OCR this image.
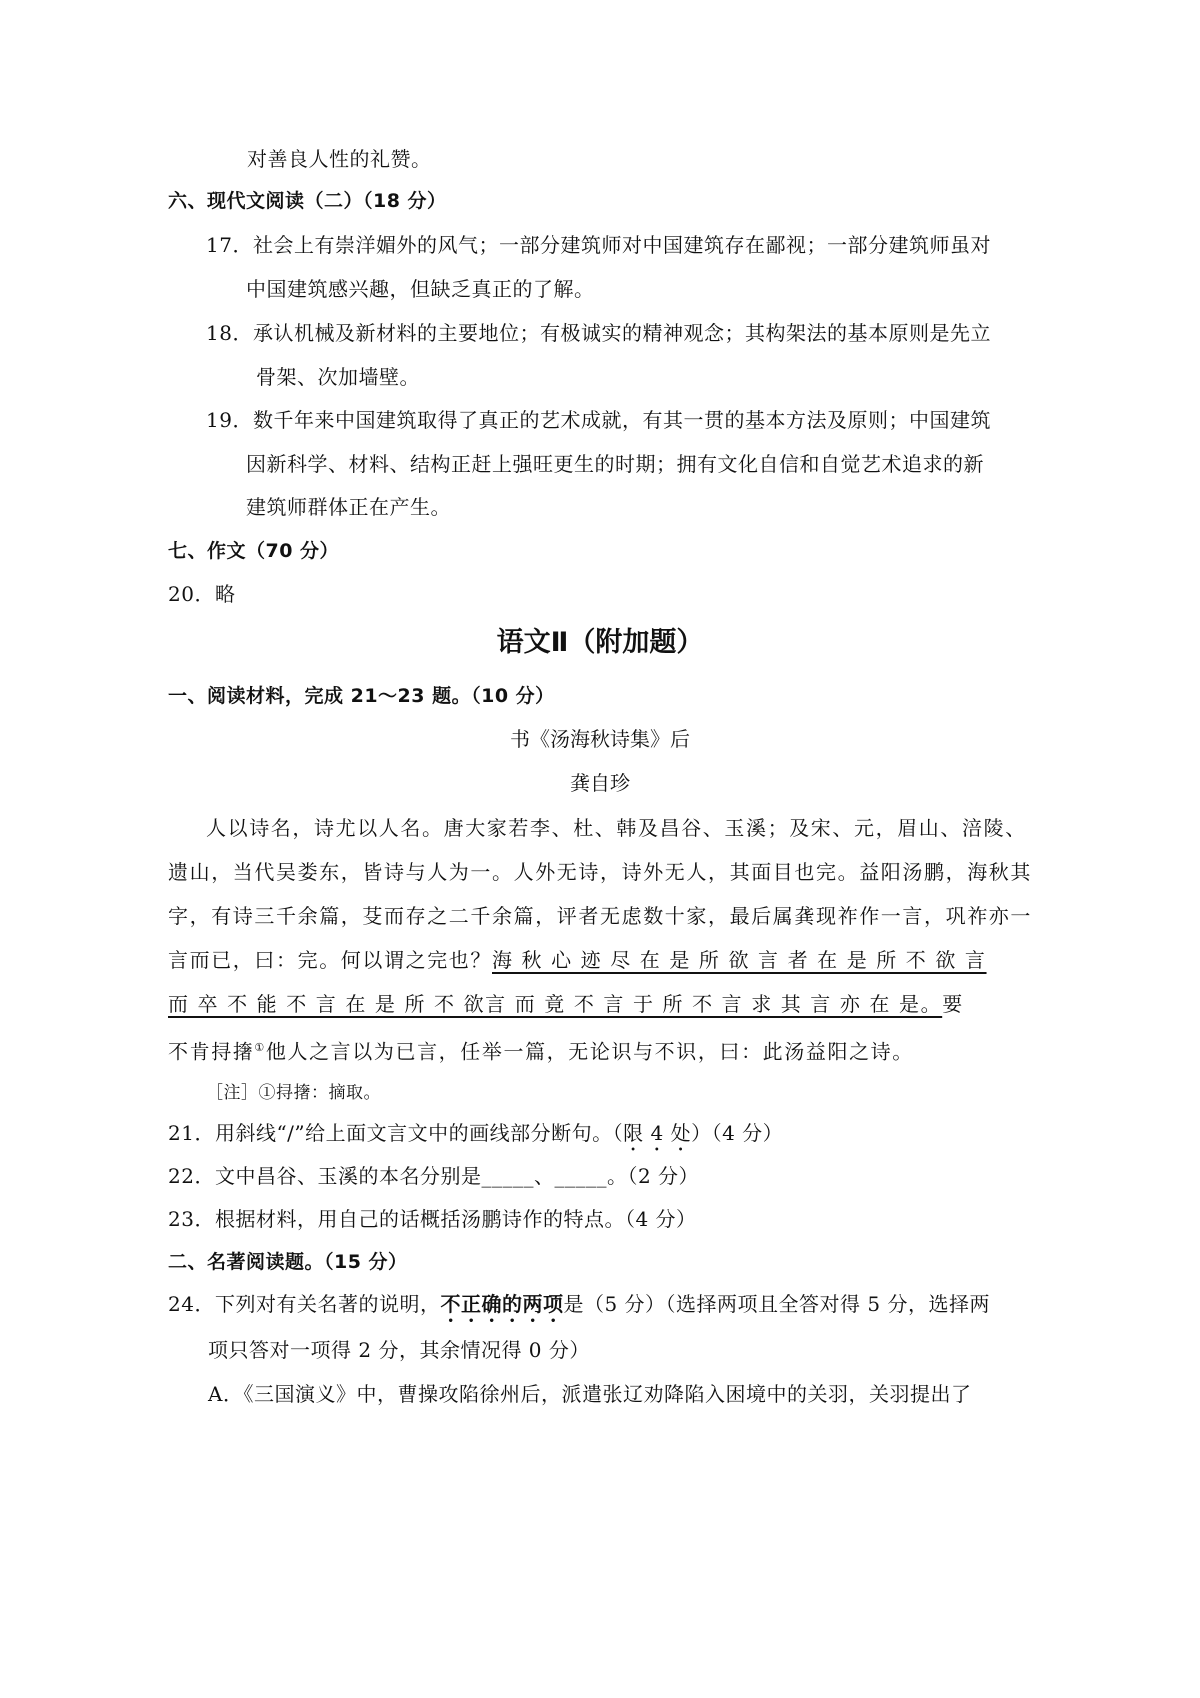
对善良人性的礼赞。
六、现代文阅读（二）（18 分）
17．社会上有崇洋媚外的风气；一部分建筑师对中国建筑存在鄙视；一部分建筑师虽对
中国建筑感兴趣，但缺乏真正的了解。
18．承认机械及新材料的主要地位；有极诚实的精神观念；其构架法的基本原则是先立
骨架、次加墙壁。
19．数千年来中国建筑取得了真正的艺术成就，有其一贯的基本方法及原则；中国建筑
因新科学、材料、结构正赶上强旺更生的时期；拥有文化自信和自觉艺术追求的新
建筑师群体正在产生。
七、作文（70 分）
20．略
语文Ⅱ（附加题）
一、阅读材料，完成 21～23 题。（10 分）
书《汤海秋诗集》后
龚自珍
人以诗名，诗尤以人名。唐大家若李、杜、韩及昌谷、玉溪；及宋、元，眉山、涪陵、
遗山，当代吴娄东，皆诗与人为一。人外无诗，诗外无人，其面目也完。益阳汤鹏，海秋其
字，有诗三千余篇，芟而存之二千余篇，评者无虑数十家，最后属龚现祚作一言，巩祚亦一
言而已，曰：完。何以谓之完也？海 秋 心 迹 尽 在 是 所 欲 言 者 在 是 所 不 欲 言
而 卒 不 能 不 言 在 是 所 不 欲言 而 竟 不 言 于 所 不 言 求 其 言 亦 在 是。要
不肯挦撦①他人之言以为已言，任举一篇，无论识与不识，曰：此汤益阳之诗。
［注］①挦撦：摘取。
21．用斜线“/”给上面文言文中的画线部分断句。（限 4 处）（4 分）
22．文中昌谷、玉溪的本名分别是_____、_____。（2 分）
23．根据材料，用自己的话概括汤鹏诗作的特点。（4 分）
二、名著阅读题。（15 分）
24．下列对有关名著的说明，不正确的两项是（5 分）（选择两项且全答对得 5 分，选择两
项只答对一项得 2 分，其余情况得 0 分）
A．《三国演义》中，曹操攻陷徐州后，派遣张辽劝降陷入困境中的关羽，关羽提出了
